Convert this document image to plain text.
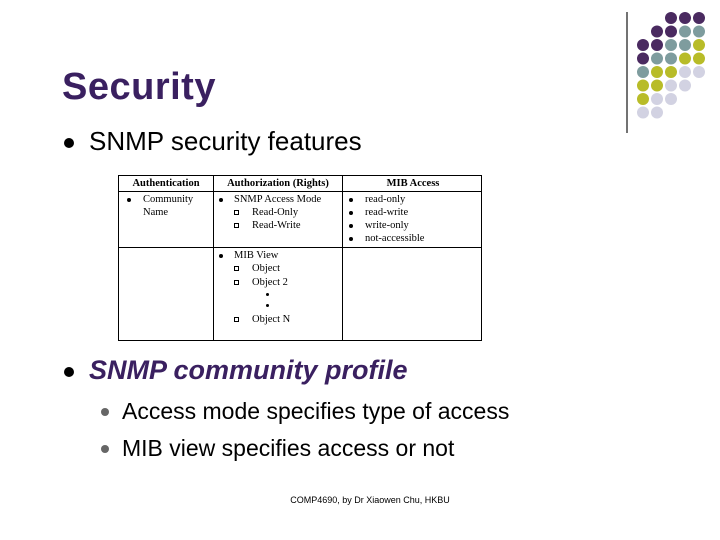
Security
SNMP security features
Authentication	Authorization (Rights)	MIB Access
Community
Name
SNMP Access Mode
Read-Only
Read-Write
read-only
read-write
write-only
not-accessible
MIB View
Object
Object 2
Object N
SNMP community profile
Access mode specifies type of access
MIB view specifies access or not
COMP4690, by Dr Xiaowen Chu, HKBU
